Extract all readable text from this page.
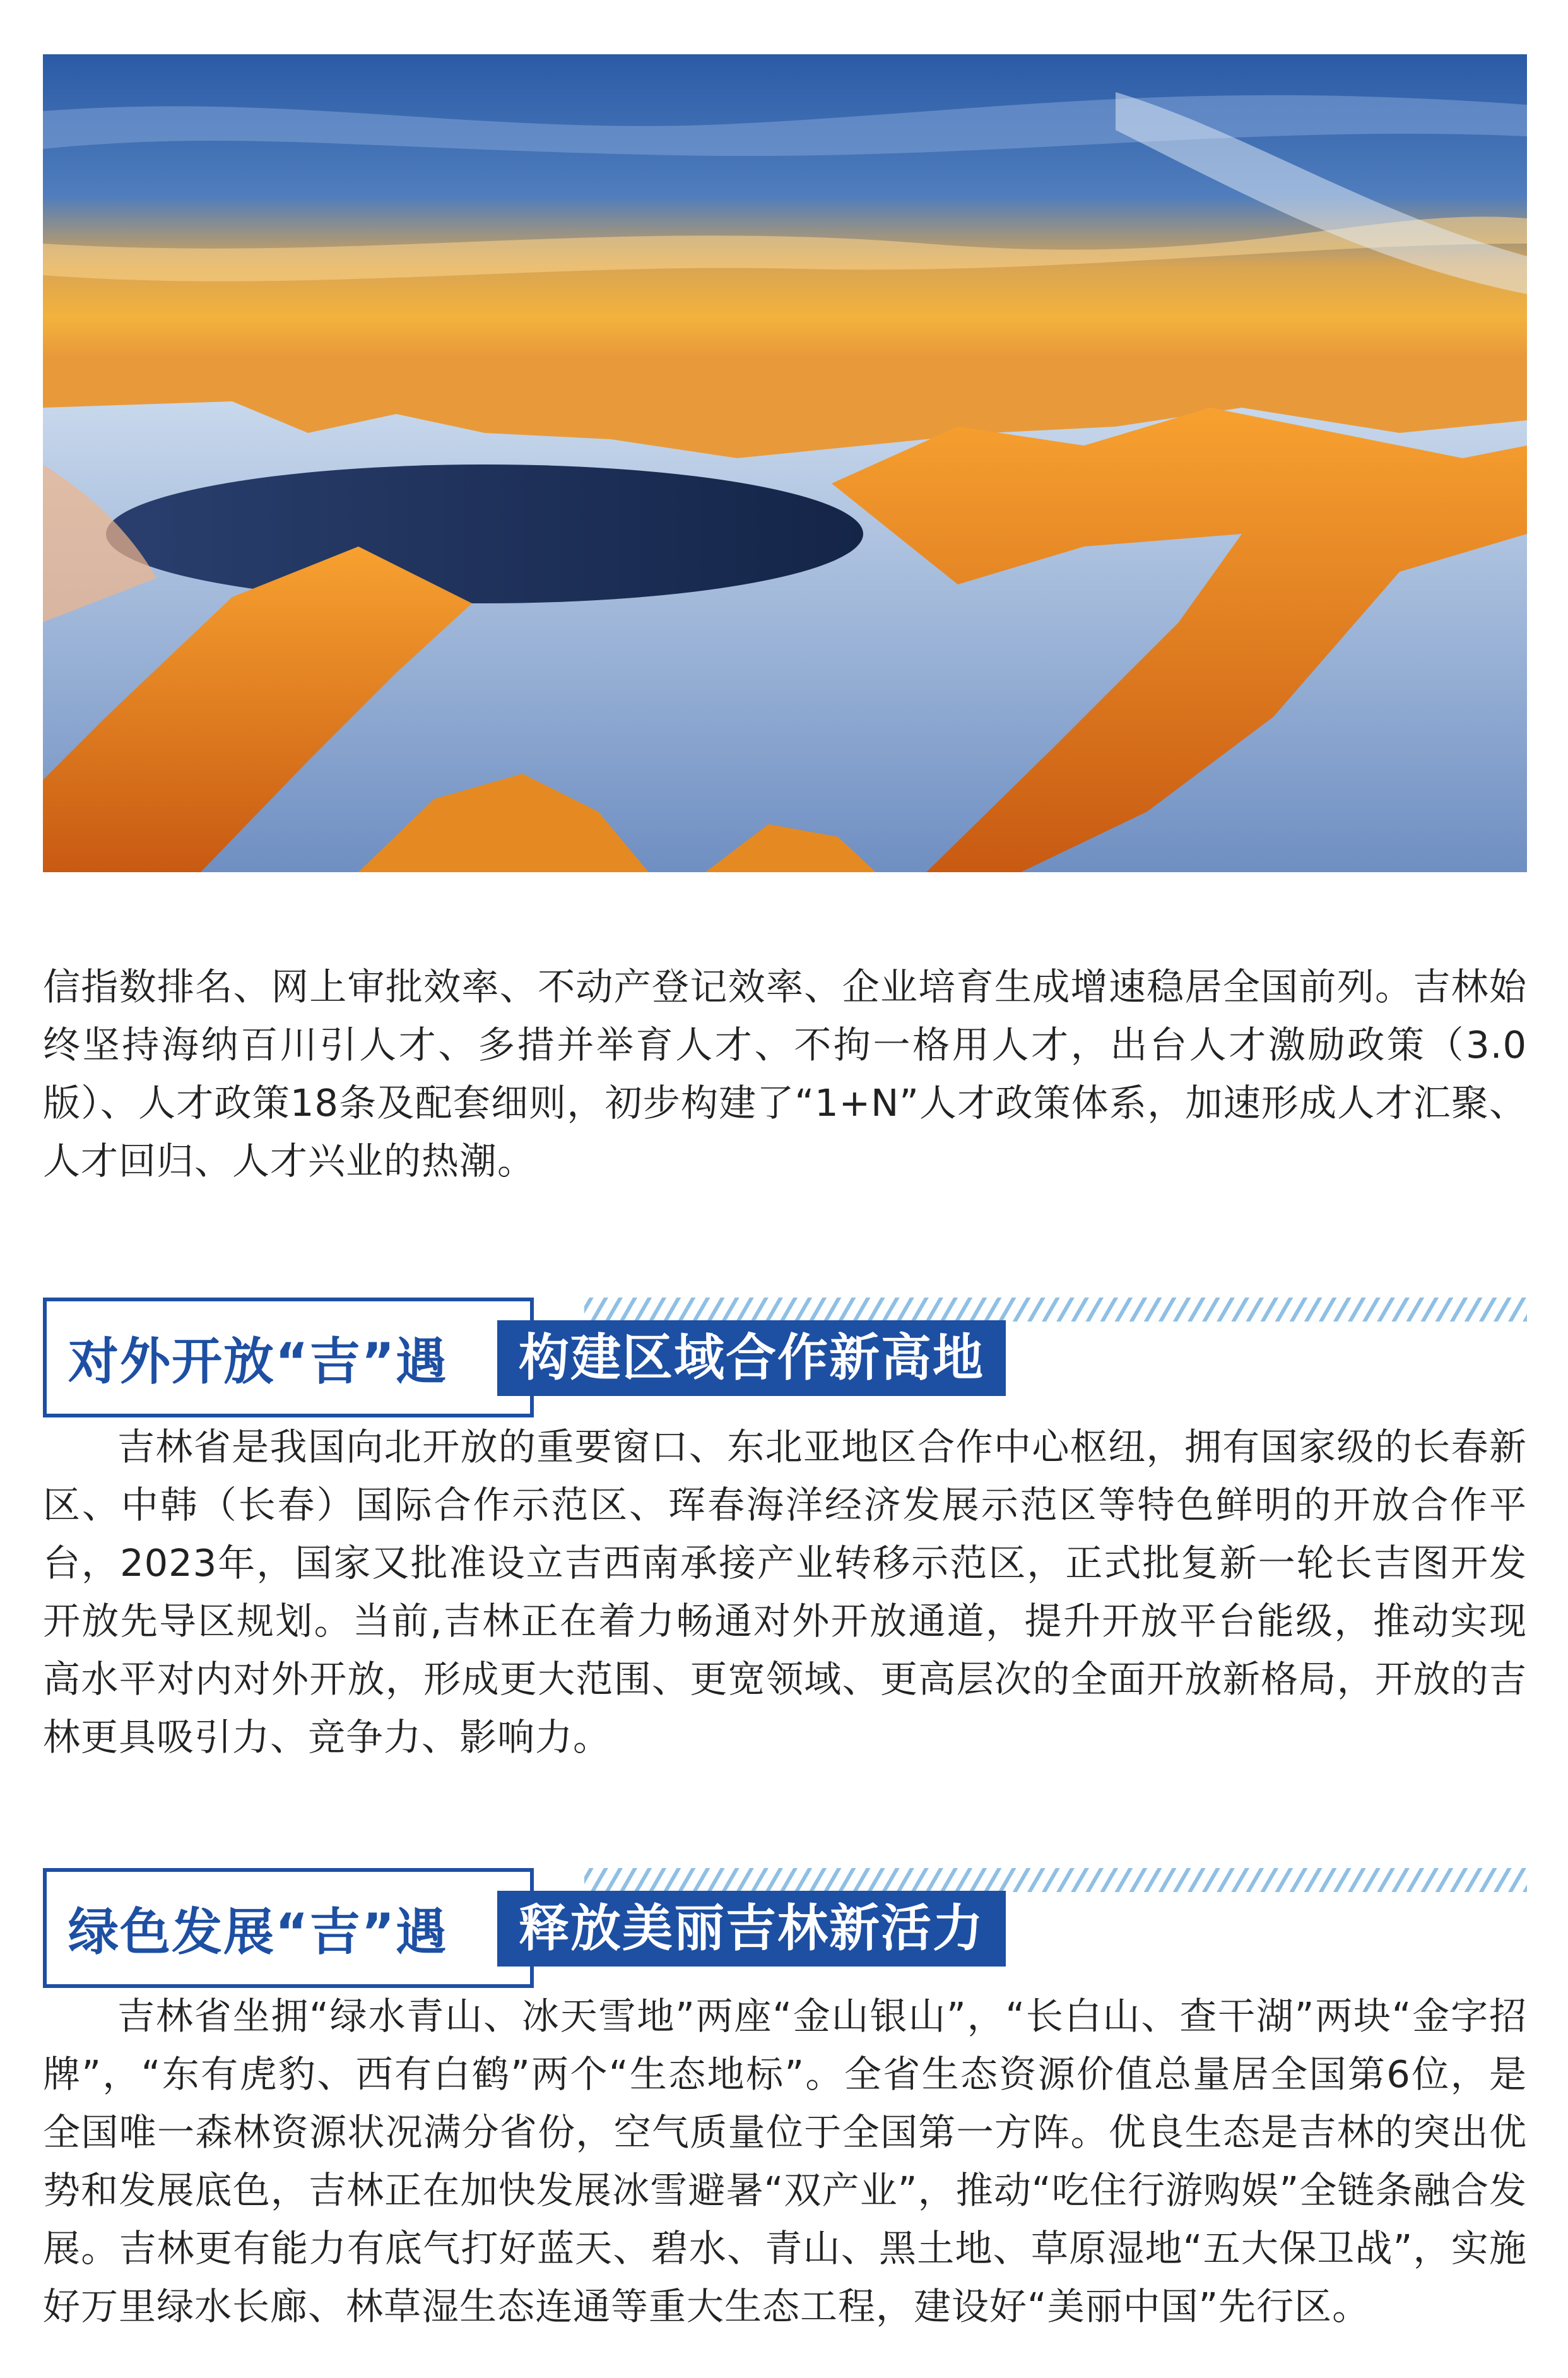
信指数排名、网上审批效率、不动产登记效率、企业培育生成增速稳居全国前列。吉林始终坚持海纳百川引人才、多措并举育人才、不拘一格用人才，出台人才激励政策（3.0版）、人才政策18条及配套细则，初步构建了“1+N”人才政策体系，加速形成人才汇聚、人才回归、人才兴业的热潮。

对外开放“吉”遇	构建区域合作新高地

吉林省是我国向北开放的重要窗口、东北亚地区合作中心枢纽，拥有国家级的长春新区、中韩（长春）国际合作示范区、珲春海洋经济发展示范区等特色鲜明的开放合作平台，2023年，国家又批准设立吉西南承接产业转移示范区，正式批复新一轮长吉图开发开放先导区规划。当前,吉林正在着力畅通对外开放通道，提升开放平台能级，推动实现高水平对内对外开放，形成更大范围、更宽领域、更高层次的全面开放新格局，开放的吉林更具吸引力、竞争力、影响力。

绿色发展“吉”遇	释放美丽吉林新活力

吉林省坐拥“绿水青山、冰天雪地”两座“金山银山”，“长白山、查干湖”两块“金字招牌”，“东有虎豹、西有白鹤”两个“生态地标”。全省生态资源价值总量居全国第6位，是全国唯一森林资源状况满分省份，空气质量位于全国第一方阵。优良生态是吉林的突出优势和发展底色，吉林正在加快发展冰雪避暑“双产业”，推动“吃住行游购娱”全链条融合发展。吉林更有能力有底气打好蓝天、碧水、青山、黑土地、草原湿地“五大保卫战”，实施好万里绿水长廊、林草湿生态连通等重大生态工程，建设好“美丽中国”先行区。
